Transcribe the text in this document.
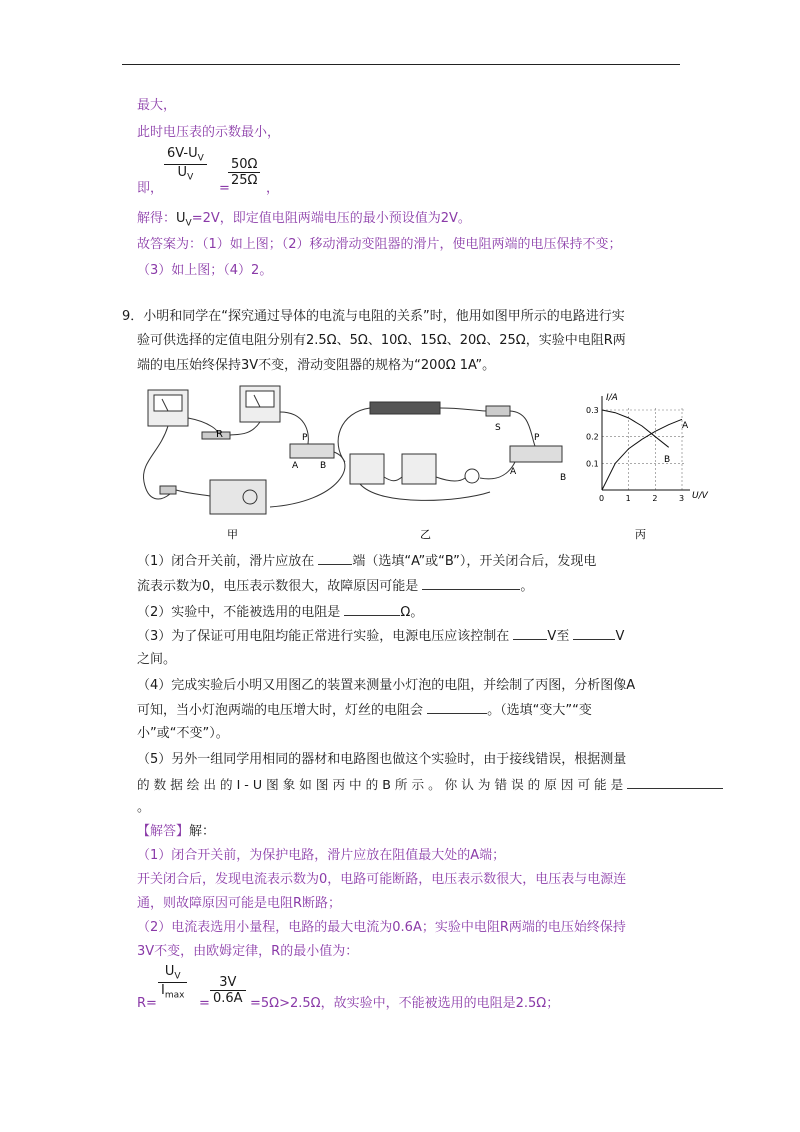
最大，
此时电压表的示数最小，
即，
$\frac{6V-U_V}{U_V}$
=
$\frac{50\Omega}{25\Omega}$
，
解得：$U_V=2V$，即定值电阻两端电压的最小预设值为2V。
故答案为：（1）如上图；（2）移动滑动变阻器的滑片，使电阻两端的电压保持不变；
（3）如上图；（4）2。
9．小明和同学在“探究通过导体的电流与电阻的关系”时，他用如图甲所示的电路进行实
验可供选择的定值电阻分别有2.5Ω、5Ω、10Ω、15Ω、20Ω、25Ω，实验中电阻R两
端的电压始终保持3V不变，滑动变阻器的规格为“200Ω 1A”。
R	P
A B
甲
S
P
A
B
乙
0.3
0.2
0.1
0	1	2	3
I/A
U/V
A
B
丙
（1）闭合开关前，滑片应放在	端（选填“A”或“B”），开关闭合后，发现电
流表示数为0，电压表示数很大，故障原因可能是	。
（2）实验中，不能被选用的电阻是	Ω。
（3）为了保证可用电阻均能正常进行实验，电源电压应该控制在	V至	V
之间。
（4）完成实验后小明又用图乙的装置来测量小灯泡的电阻，并绘制了丙图，分析图像A
可知，当小灯泡两端的电压增大时，灯丝的电阻会	。（选填“变大”“变
小”或“不变”）。
（5）另外一组同学用相同的器材和电路图也做这个实验时，由于接线错误，根据测量
的 数 据 绘 出 的 I - U 图 象 如 图 丙 中 的 B 所 示 。 你 认 为 错 误 的 原 因 可 能 是
。
【解答】解：
（1）闭合开关前，为保护电路，滑片应放在阻值最大处的A端；
开关闭合后，发现电流表示数为0，电路可能断路，电压表示数很大，电压表与电源连
通，则故障原因可能是电阻R断路；
（2）电流表选用小量程，电路的最大电流为0.6A；实验中电阻R两端的电压始终保持
3V不变，由欧姆定律，R的最小值为：
R=
$U_V$
$I_{max}$
= $\frac{3V}{0.6A} =5\Omega>2.5\Omega$，故实验中，不能被选用的电阻是2.5Ω；
